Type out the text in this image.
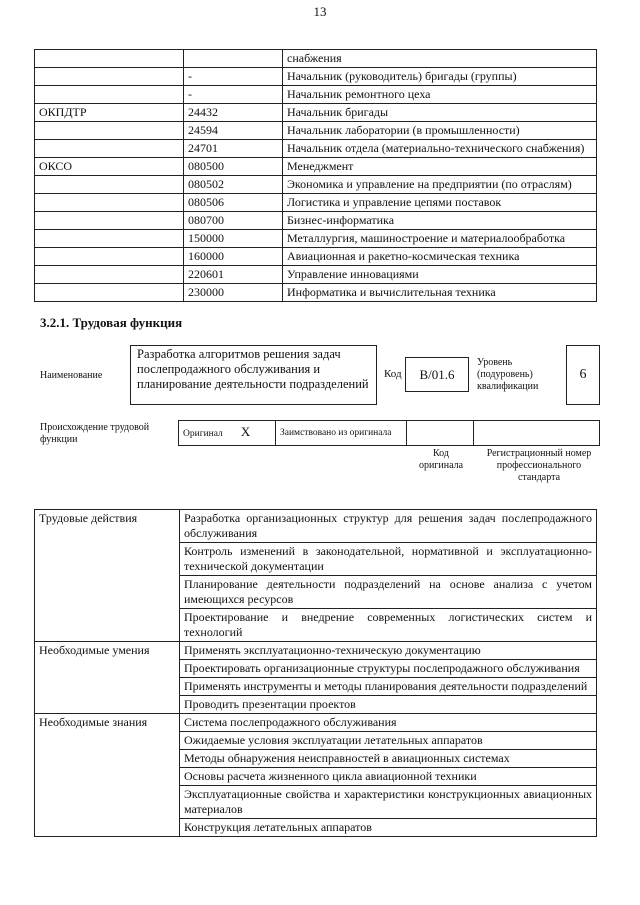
13
		снабжения
	-	Начальник (руководитель) бригады (группы)
	-	Начальник ремонтного цеха
ОКПДТР	24432	Начальник бригады
	24594	Начальник лаборатории (в промышленности)
	24701	Начальник отдела (материально-технического снабжения)
ОКСО	080500	Менеджмент
	080502	Экономика и управление на предприятии (по отраслям)
	080506	Логистика и управление цепями поставок
	080700	Бизнес-информатика
	150000	Металлургия, машиностроение и материалообработка
	160000	Авиационная и ракетно-космическая техника
	220601	Управление инновациями
	230000	Информатика и вычислительная техника
3.2.1. Трудовая функция
Наименование
Разработка алгоритмов решения задач послепродажного обслуживания и планирование деятельности подразделений
Код	B/01.6
Уровень (подуровень) квалификации
6
Происхождение трудовой функции	Оригинал X	Заимствовано из оригинала		
Код оригинала
Регистрационный номер профессионального стандарта
Трудовые действия	Разработка организационных структур для решения задач послепродажного обслуживания
	Контроль изменений в законодательной, нормативной и эксплуатационно-технической документации
	Планирование деятельности подразделений на основе анализа с учетом имеющихся ресурсов
	Проектирование и внедрение современных логистических систем и технологий
Необходимые умения	Применять эксплуатационно-техническую документацию
	Проектировать организационные структуры послепродажного обслуживания
	Применять инструменты и методы планирования деятельности подразделений
	Проводить презентации проектов
Необходимые знания	Система послепродажного обслуживания
	Ожидаемые условия эксплуатации летательных аппаратов
	Методы обнаружения неисправностей в авиационных системах
	Основы расчета жизненного цикла авиационной техники
	Эксплуатационные свойства и характеристики конструкционных авиационных материалов
	Конструкция летательных аппаратов
